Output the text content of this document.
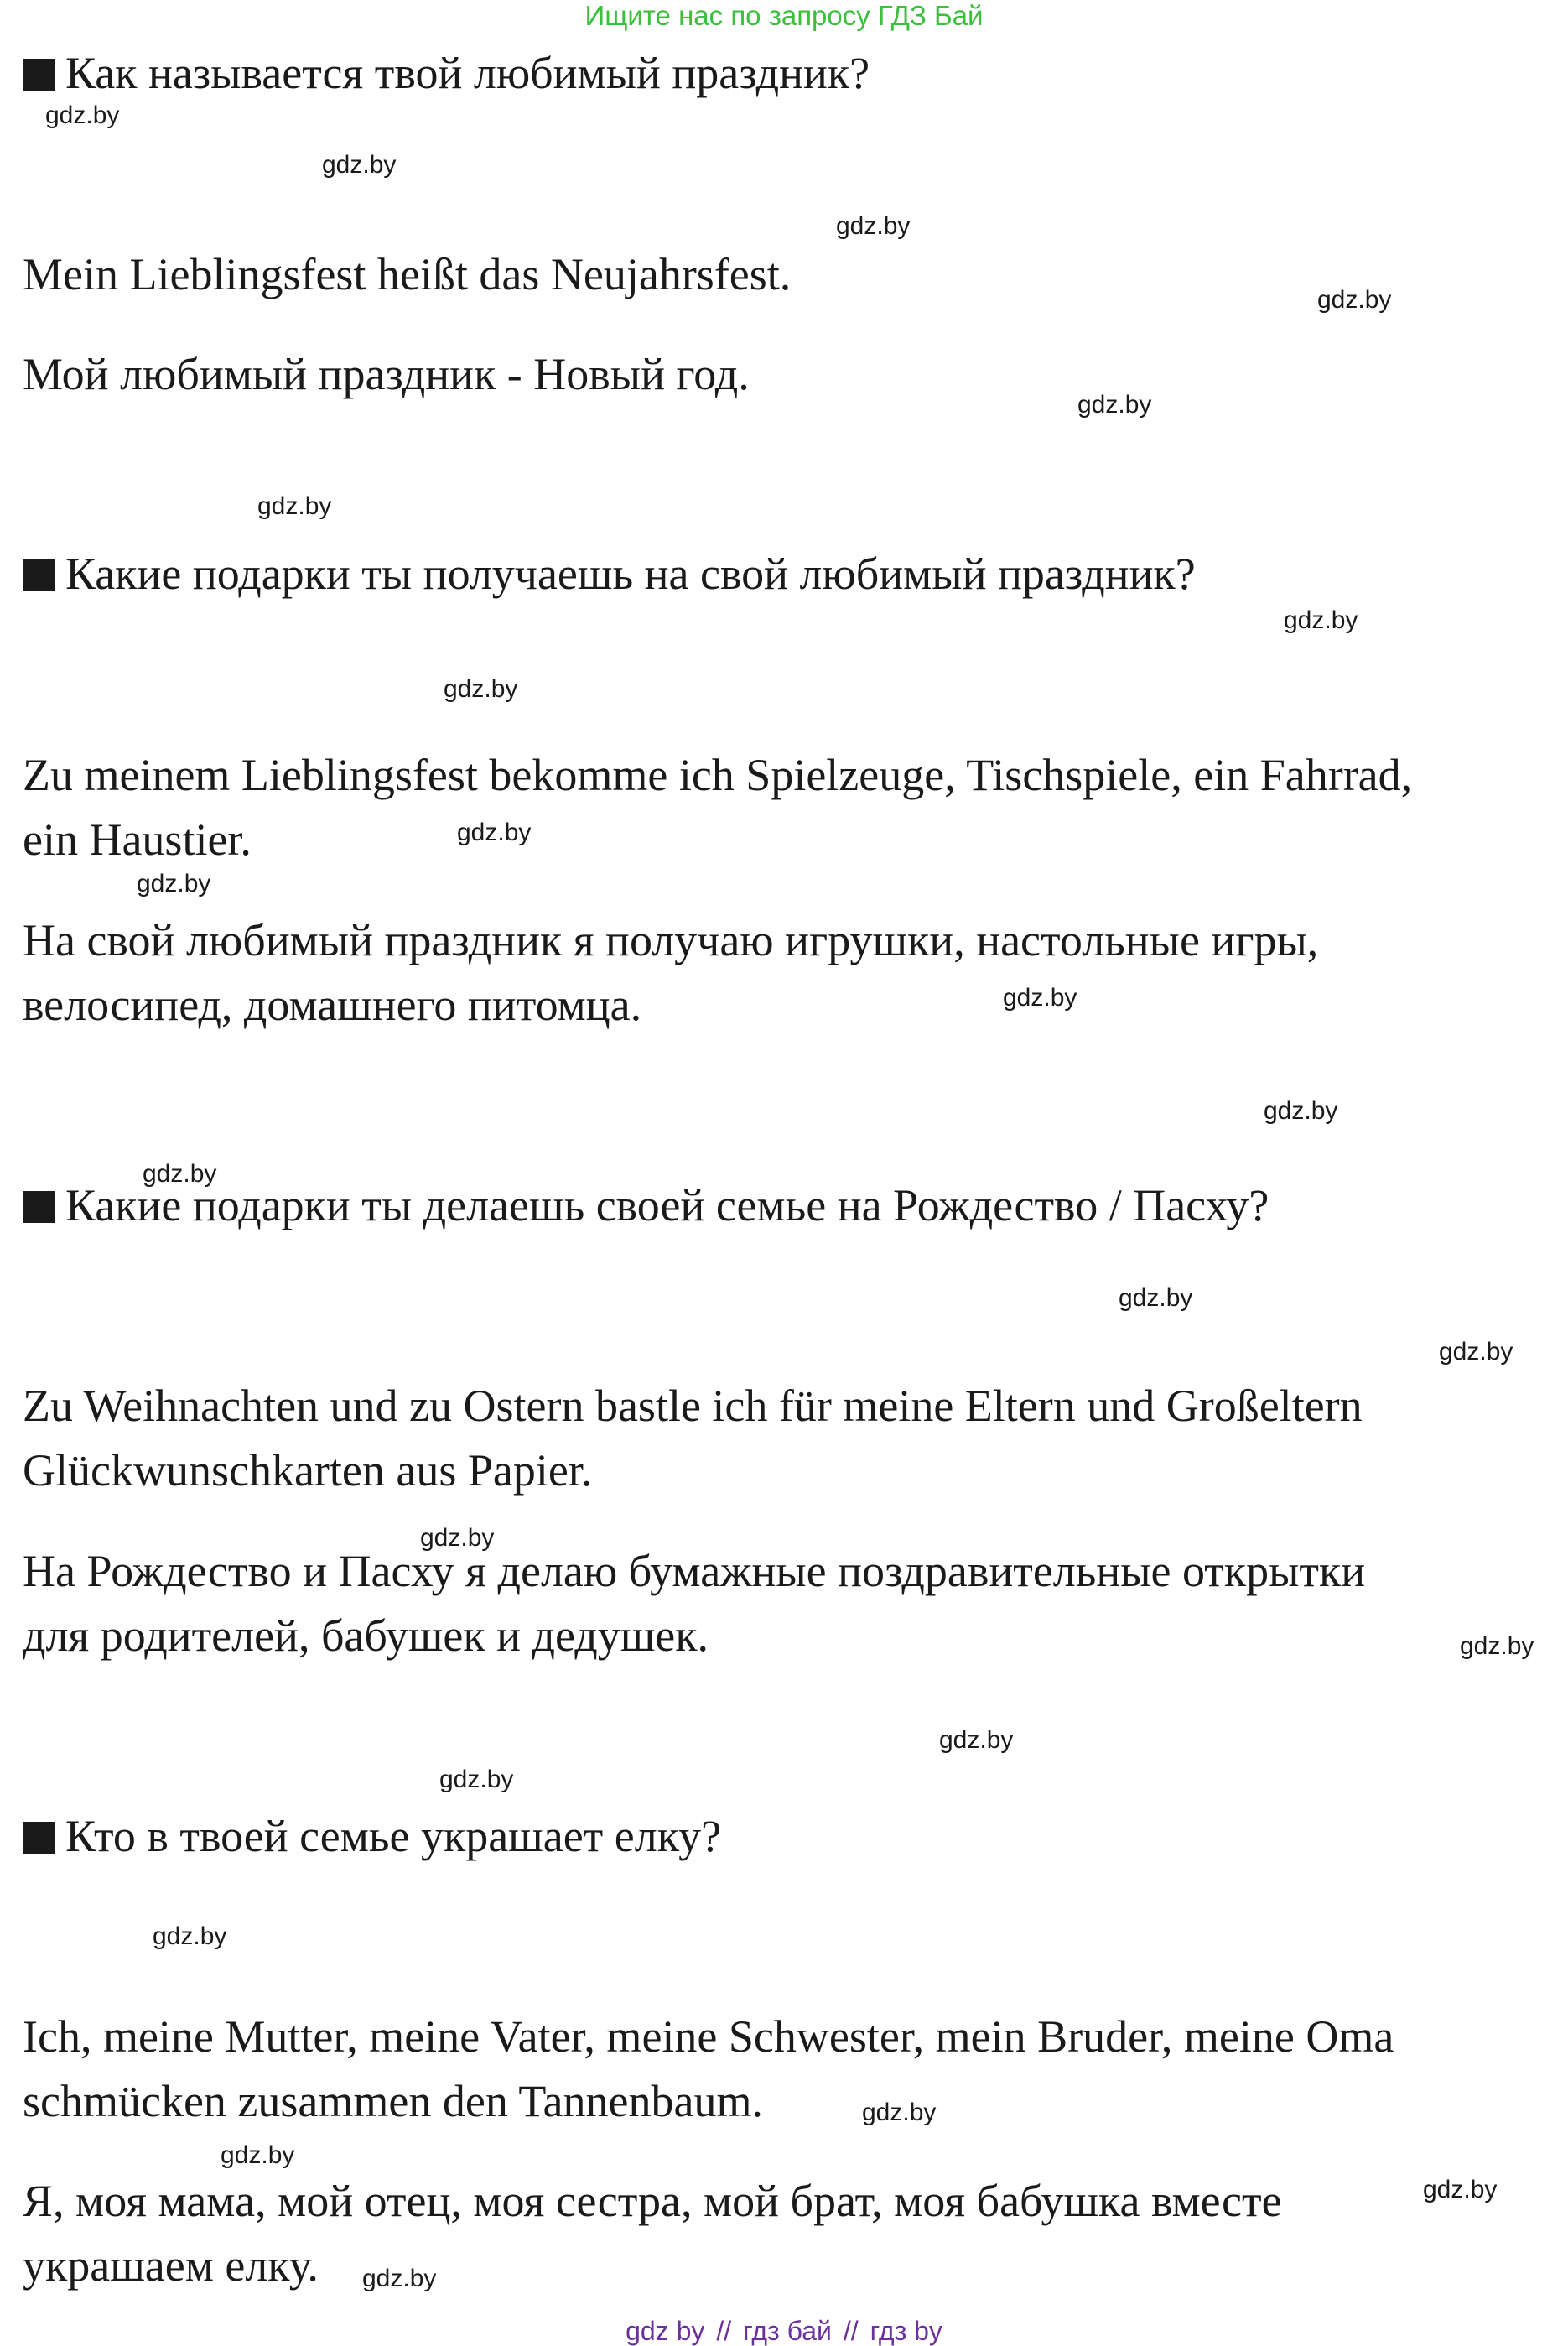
Ищите нас по запросу ГДЗ Бай
Как называется твой любимый праздник?
Mein Lieblingsfest heißt das Neujahrsfest.
Мой любимый праздник - Новый год.
Какие подарки ты получаешь на свой любимый праздник?
Zu meinem Lieblingsfest bekomme ich Spielzeuge, Tischspiele, ein Fahrrad,
ein Haustier.
На свой любимый праздник я получаю игрушки, настольные игры,
велосипед, домашнего питомца.
Какие подарки ты делаешь своей семье на Рождество / Пасху?
Zu Weihnachten und zu Ostern bastle ich für meine Eltern und Großeltern
Glückwunschkarten aus Papier.
На Рождество и Пасху я делаю бумажные поздравительные открытки
для родителей, бабушек и дедушек.
Кто в твоей семье украшает елку?
Ich, meine Mutter, meine Vater, meine Schwester, mein Bruder, meine Oma
schmücken zusammen den Tannenbaum.
Я, моя мама, мой отец, моя сестра, мой брат, моя бабушка вместе
украшаем елку.
gdz.by
gdz.by
gdz.by
gdz.by
gdz.by
gdz.by
gdz.by
gdz.by
gdz.by
gdz.by
gdz.by
gdz.by
gdz.by
gdz.by
gdz.by
gdz.by
gdz.by
gdz.by
gdz.by
gdz.by
gdz.by
gdz.by
gdz.by
gdz.by
gdz by // гдз бай // гдз by
